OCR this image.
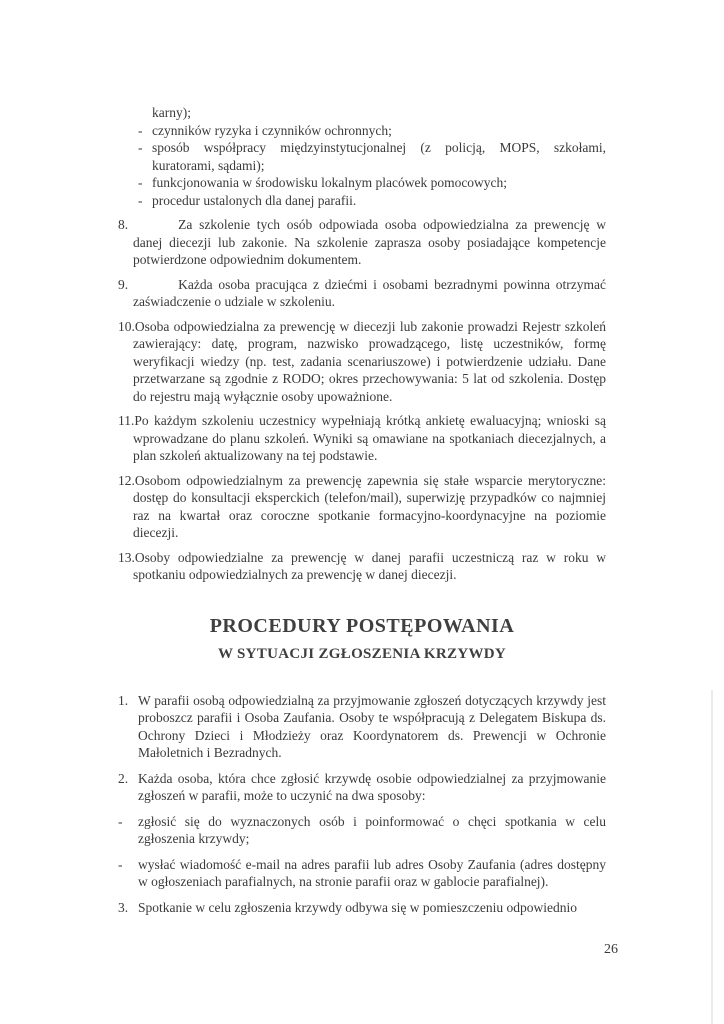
karny);
- czynników ryzyka i czynników ochronnych;
- sposób współpracy międzyinstytucjonalnej (z policją, MOPS, szkołami, kuratorami, sądami);
- funkcjonowania w środowisku lokalnym placówek pomocowych;
- procedur ustalonych dla danej parafii.
8.	Za szkolenie tych osób odpowiada osoba odpowiedzialna za prewencję w danej diecezji lub zakonie. Na szkolenie zaprasza osoby posiadające kompetencje potwierdzone odpowiednim dokumentem.
9.	Każda osoba pracująca z dziećmi i osobami bezradnymi powinna otrzymać zaświadczenie o udziale w szkoleniu.
10.Osoba odpowiedzialna za prewencję w diecezji lub zakonie prowadzi Rejestr szkoleń zawierający: datę, program, nazwisko prowadzącego, listę uczestników, formę weryfikacji wiedzy (np. test, zadania scenariuszowe) i potwierdzenie udziału. Dane przetwarzane są zgodnie z RODO; okres przechowywania: 5 lat od szkolenia. Dostęp do rejestru mają wyłącznie osoby upoważnione.
11.Po każdym szkoleniu uczestnicy wypełniają krótką ankietę ewaluacyjną; wnioski są wprowadzane do planu szkoleń. Wyniki są omawiane na spotkaniach diecezjalnych, a plan szkoleń aktualizowany na tej podstawie.
12.Osobom odpowiedzialnym za prewencję zapewnia się stałe wsparcie merytoryczne: dostęp do konsultacji eksperckich (telefon/mail), superwizję przypadków co najmniej raz na kwartał oraz coroczne spotkanie formacyjno-koordynacyjne na poziomie diecezji.
13.Osoby odpowiedzialne za prewencję w danej parafii uczestniczą raz w roku w spotkaniu odpowiedzialnych za prewencję w danej diecezji.
PROCEDURY POSTĘPOWANIA
W SYTUACJI ZGŁOSZENIA KRZYWDY
1. W parafii osobą odpowiedzialną za przyjmowanie zgłoszeń dotyczących krzywdy jest proboszcz parafii i Osoba Zaufania. Osoby te współpracują z Delegatem Biskupa ds. Ochrony Dzieci i Młodzieży oraz Koordynatorem ds. Prewencji w Ochronie Małoletnich i Bezradnych.
2. Każda osoba, która chce zgłosić krzywdę osobie odpowiedzialnej za przyjmowanie zgłoszeń w parafii, może to uczynić na dwa sposoby:
- zgłosić się do wyznaczonych osób i poinformować o chęci spotkania w celu zgłoszenia krzywdy;
- wysłać wiadomość e-mail na adres parafii lub adres Osoby Zaufania (adres dostępny w ogłoszeniach parafialnych, na stronie parafii oraz w gablocie parafialnej).
3. Spotkanie w celu zgłoszenia krzywdy odbywa się w pomieszczeniu odpowiednio
26
